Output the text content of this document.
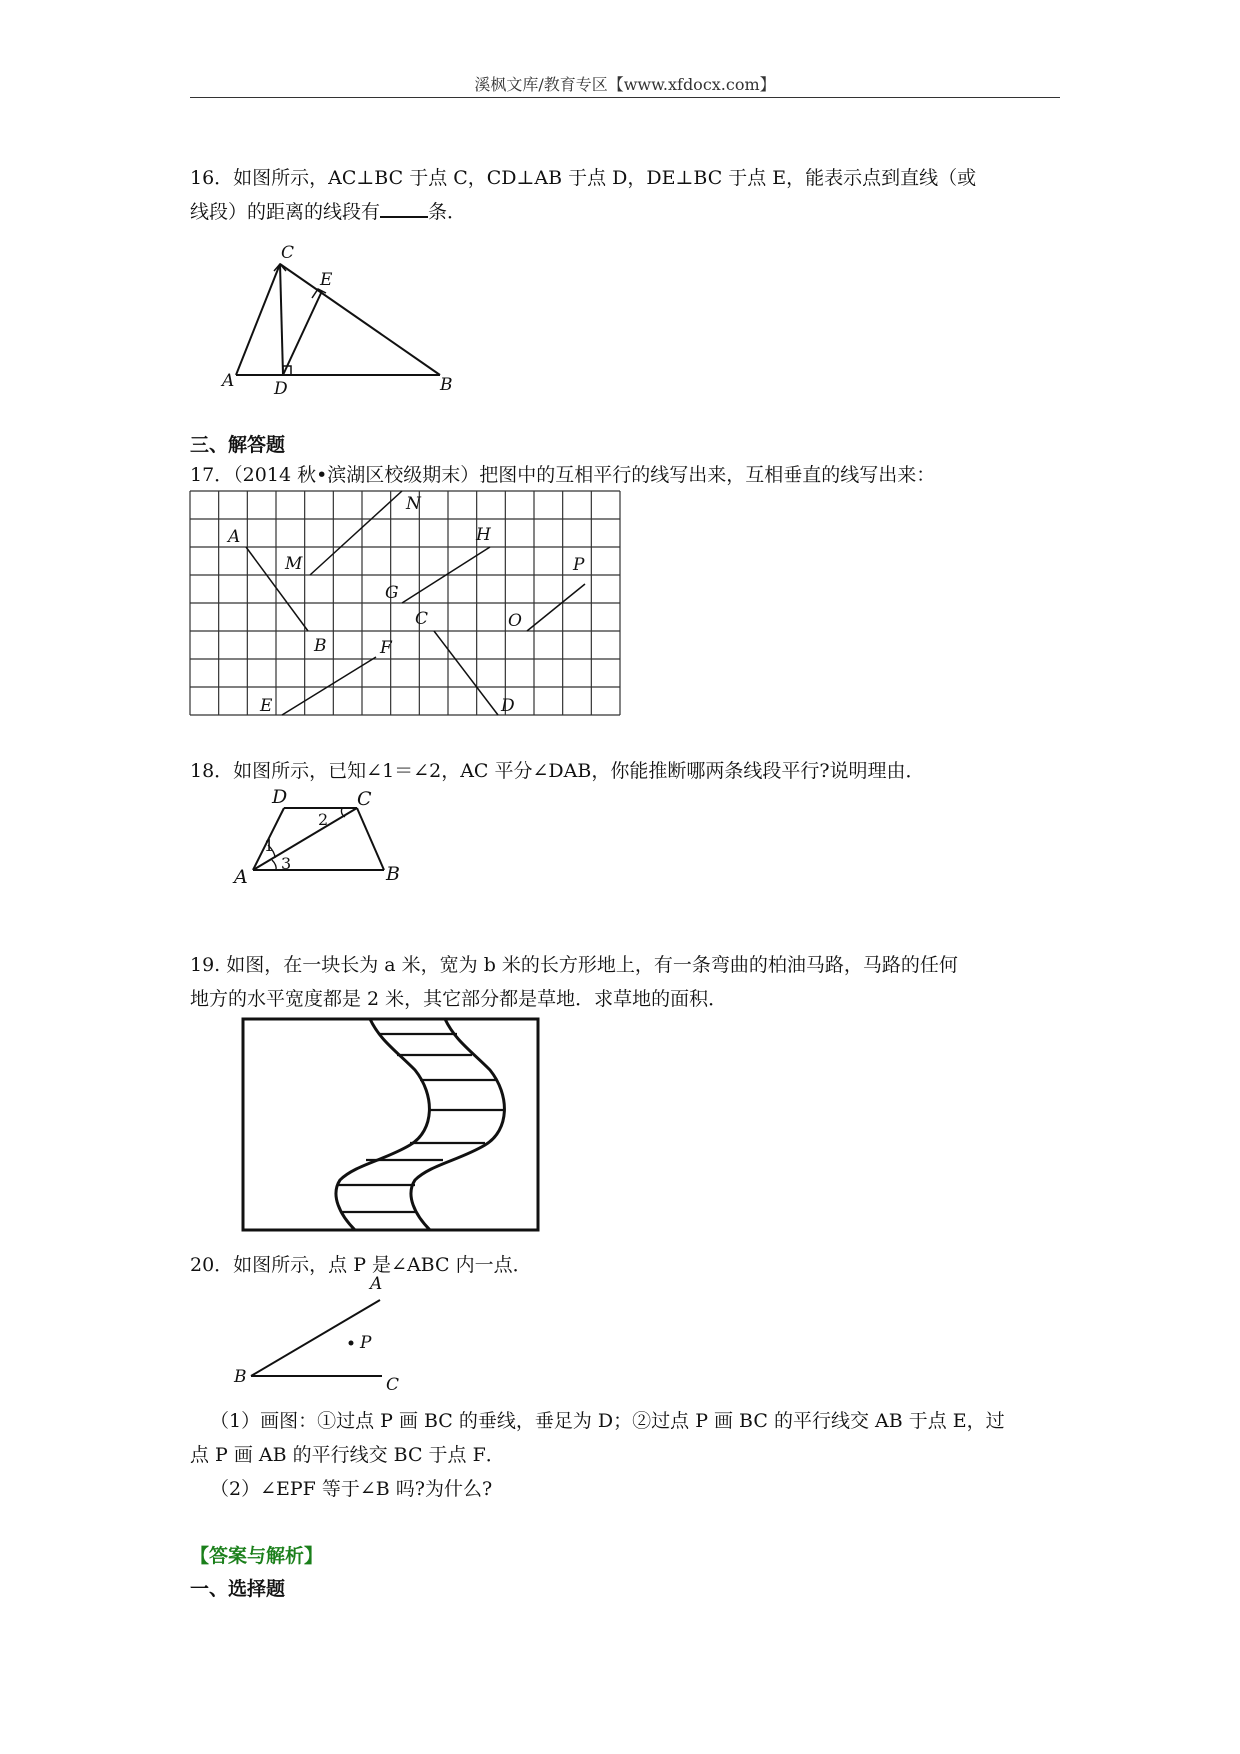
溪枫文库/教育专区【www.xfdocx.com】
16．如图所示，AC⊥BC 于点 C，CD⊥AB 于点 D，DE⊥BC 于点 E，能表示点到直线（或
线段）的距离的线段有	条．
C
E
A D	B
三、解答题
17．（2014 秋•滨湖区校级期末）把图中的互相平行的线写出来，互相垂直的线写出来：
A
M
N
H
G
P
C	O
B	F
E	D
18．如图所示，已知∠1＝∠2，AC 平分∠DAB，你能推断哪两条线段平行?说明理由．
D	C
A	B
1
2
3
19. 如图，在一块长为 a 米，宽为 b 米的长方形地上，有一条弯曲的柏油马路，马路的任何
地方的水平宽度都是 2 米，其它部分都是草地．求草地的面积．
20．如图所示，点 P 是∠ABC 内一点．
A
P
B	C
（1）画图：①过点 P 画 BC 的垂线，垂足为 D；②过点 P 画 BC 的平行线交 AB 于点 E，过
点 P 画 AB 的平行线交 BC 于点 F．
（2）∠EPF 等于∠B 吗?为什么?
【答案与解析】
一、选择题
